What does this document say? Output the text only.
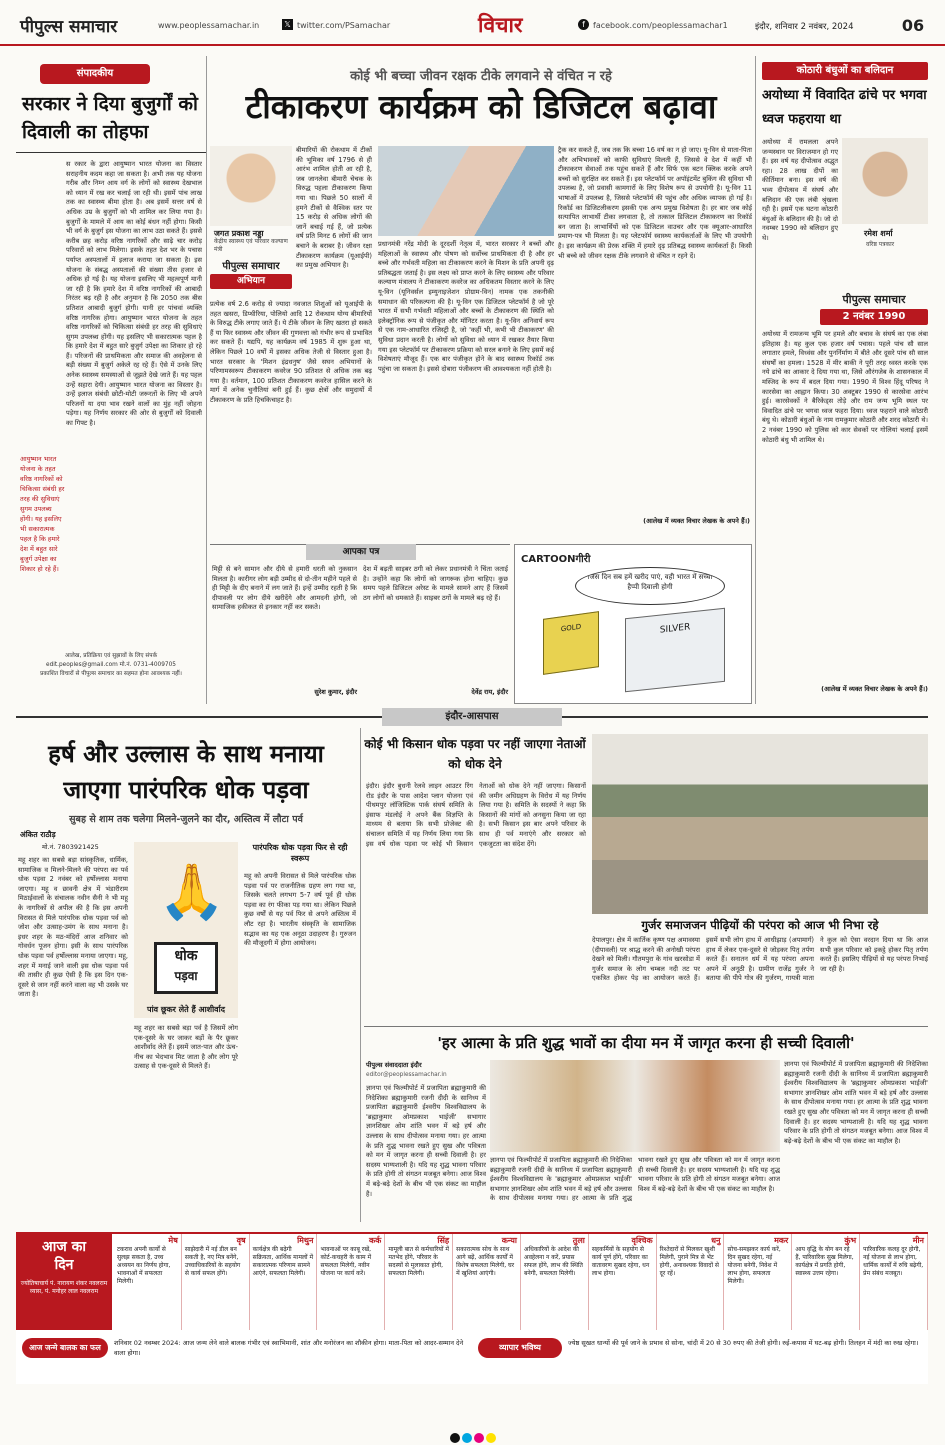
पीपुल्स समाचार	www.peoplessamachar.in	𝕏 twitter.com/PSamachar	विचार	f	facebook.com/peoplessamachar1	इंदौर, शनिवार 2 नवंबर, 2024	06
संपादकीय
सरकार ने दिया बुजुर्गों को दिवाली का तोहफा
स रकार के द्वारा आयुष्मान भारत योजना का विस्तार सराहनीय कदम कहा जा सकता है। अभी तक यह योजना गरीब और निम्न आय वर्ग के लोगों को स्वास्थ्य देखभाल को ध्यान में रख कर चलाई जा रही थी। इसमें पांच लाख तक का स्वास्थ्य बीमा होता है। अब इसमें सत्तर वर्ष से अधिक उम्र के बुजुर्गों को भी शामिल कर लिया गया है। बुजुर्गों के मामले में आय का कोई बंधन नहीं होगा। किसी भी वर्ग के बुजुर्ग इस योजना का लाभ उठा सकते हैं। इससे करीब छह करोड़ वरिष्ठ नागरिकों और साढ़े चार करोड़ परिवारों को लाभ मिलेगा। इसके तहत देश भर के पचास पर्याप्त अस्पतालों में इलाज कराया जा सकता है। इस योजना के संबद्ध अस्पतालों की संख्या तीस हजार से अधिक हो गई है। यह योजना इसलिए भी महत्वपूर्ण मानी जा रही है कि हमारे देश में वरिष्ठ नागरिकों की आबादी निरंतर बढ़ रही है और अनुमान है कि 2050 तक बीस प्रतिशत आबादी बुजुर्ग होगी। यानी हर पांचवां व्यक्ति वरिष्ठ नागरिक होगा। आयुष्मान भारत योजना के तहत वरिष्ठ नागरिकों को चिकित्सा संबंधी हर तरह की सुविधाएं सुगम उपलब्ध होंगी। यह इसलिए भी सकारात्मक पहल है कि हमारे देश में बहुत सारे बुजुर्ग उपेक्षा का शिकार हो रहे हैं। परिजनों की प्राथमिकता और समाज की अवहेलना से बड़ी संख्या में बुजुर्ग अकेले रह रहे हैं। ऐसे में उनके लिए अनेक स्वास्थ्य समस्याओं से जूझते देखे जाते हैं। यह पहल उन्हें सहारा देगी। आयुष्मान भारत योजना का विस्तार है। उन्हें इलाज संबंधी छोटी-मोटी जरूरतों के लिए भी अपने परिजनों या दया भाव रखने वालों का मुंह नहीं जोहना पड़ेगा। यह निर्णय सरकार की ओर से बुजुर्गों को दिवाली का गिफ्ट है।
आयुष्मान भारत योजना के तहत वरिष्ठ नागरिकों को चिकित्सा संबंधी हर तरह की सुविधाएं सुगम उपलब्ध होंगी। यह इसलिए भी सकारात्मक पहल है कि हमारे देश में बहुत सारे बुजुर्ग उपेक्षा का शिकार हो रहे हैं।
आलेख, प्रतिक्रिया एवं सुझावों के लिए संपर्क
edit.peoples@gmail.com मो.नं. 0731-4009705
प्रकाशित विचारों से पीपुल्स समाचार का सहमत होना आवश्यक नहीं।
कोई भी बच्चा जीवन रक्षक टीके लगवाने से वंचित न रहे
टीकाकरण कार्यक्रम को डिजिटल बढ़ावा
जगत प्रकाश नड्डा
केंद्रीय स्वास्थ्य एवं परिवार कल्याण मंत्री
पीपुल्स समाचार
अभियान
बीमारियों की रोकथाम में टीकों की भूमिका वर्ष 1796 से ही आरंभ शामिल होती आ रही है, जब जानलेवा बीमारी चेचक के विरुद्ध पहला टीकाकरण किया गया था। पिछले 50 सालों में हमने टीकों से वैश्विक स्तर पर 15 करोड़ से अधिक लोगों की जानें बचाई गई हैं, जो प्रत्येक वर्ष प्रति मिनट 6 लोगों की जान बचाने के बराबर है। जीवन रक्षा टीकाकरण कार्यक्रम (यूआईपी) का प्रमुख अभियान है।
प्रत्येक वर्ष 2.6 करोड़ से ज्यादा नवजात शिशुओं को यूआईपी के तहत खसरा, डिप्थीरिया, पोलियो आदि 12 रोकथाम योग्य बीमारियों के विरुद्ध टीके लगाए जाते हैं। ये टीके जीवन के लिए खतरा हो सकते हैं या फिर स्वास्थ्य और जीवन की गुणवत्ता को गंभीर रूप से प्रभावित कर सकते हैं। यद्यपि, यह कार्यक्रम वर्ष 1985 में शुरू हुआ था, लेकिन पिछले 10 वर्षों में इसका अधिक तेजी से विस्तार हुआ है। भारत सरकार के 'मिशन इंद्रधनुष' जैसे सघन अभियानों के परिणामस्वरूप टीकाकरण कवरेज 90 प्रतिशत से अधिक तक बढ़ गया है। वर्तमान, 100 प्रतिशत टीकाकरण कवरेज हासिल करने के मार्ग में अनेक चुनौतियां बनी हुई हैं। कुछ क्षेत्रों और समुदायों में टीकाकरण के प्रति हिचकिचाहट है।
प्रधानमंत्री नरेंद्र मोदी के दूरदर्शी नेतृत्व में, भारत सरकार ने बच्चों और महिलाओं के स्वास्थ्य और पोषण को सर्वोच्च प्राथमिकता दी है और हर बच्चे और गर्भवती महिला का टीकाकरण करने के मिशन के प्रति अपनी दृढ़ प्रतिबद्धता जताई है। इस लक्ष्य को प्राप्त करने के लिए स्वास्थ्य और परिवार कल्याण मंत्रालय ने टीकाकरण कवरेज का अधिकतम विस्तार करने के लिए यू-विन (यूनिवर्सल इम्युनाइजेशन प्रोग्राम-विन) नामक एक तकनीकी समाधान की परिकल्पना की है। यू-विन एक डिजिटल प्लेटफॉर्म है जो पूरे भारत में सभी गर्भवती महिलाओं और बच्चों के टीकाकरण की स्थिति को इलेक्ट्रॉनिक रूप से पंजीकृत और मॉनिटर करता है। यू-विन अनिवार्य रूप से एक नाम-आधारित रजिस्ट्री है, जो 'कहीं भी, कभी भी टीकाकरण' की सुविधा प्रदान करती है। लोगों को सुविधा को ध्यान में रखकर तैयार किया गया इस प्लेटफॉर्म पर टीकाकरण प्रक्रिया को सरल बनाने के लिए इसमें कई विशेषताएं मौजूद हैं। एक बार पंजीकृत होने के बाद स्वास्थ्य रिकॉर्ड तक पहुंचा जा सकता है। इससे दोबारा पंजीकरण की आवश्यकता नहीं होती है।
ट्रैक कर सकते हैं, जब तक कि बच्चा 16 वर्ष का न हो जाए। यू-विन से माता-पिता और अभिभावकों को काफी सुविधाएं मिलती हैं, जिससे वे देश में कहीं भी टीकाकरण सेवाओं तक पहुंच सकते हैं और सिर्फ एक बटन क्लिक करके अपने बच्चों को सुरक्षित कर सकते हैं। इस प्लेटफॉर्म पर अपॉइंटमेंट बुकिंग की सुविधा भी उपलब्ध है, जो प्रवासी कामगारों के लिए विशेष रूप से उपयोगी है। यू-विन 11 भाषाओं में उपलब्ध है, जिससे प्लेटफॉर्म की पहुंच और अधिक व्यापक हो गई है। रिकॉर्ड का डिजिटलीकरण इसकी एक अन्य प्रमुख विशेषता है। हर बार जब कोई सत्यापित लाभार्थी टीका लगवाता है, तो तत्काल डिजिटल टीकाकरण का रिकॉर्ड बन जाता है। लाभार्थियों को एक डिजिटल वाउचर और एक क्यूआर-आधारित प्रमाण-पत्र भी मिलता है। यह प्लेटफॉर्म स्वास्थ्य कार्यकर्ताओं के लिए भी उपयोगी है। इस कार्यक्रम की प्रेरक शक्ति में हमारे दृढ़ प्रतिबद्ध स्वास्थ्य कार्यकर्ता हैं। किसी भी बच्चे को जीवन रक्षक टीके लगवाने से वंचित न रहने दें।
(आलेख में व्यक्त विचार लेखक के अपने हैं।)
कोठारी बंधुओं का बलिदान
अयोध्या में विवादित ढांचे पर भगवा ध्वज फहराया था
अयोध्या में रामलला अपने जन्मस्थान पर विराजमान हो गए हैं। इस वर्ष यह दीपोत्सव अद्भुत रहा। 28 लाख दीपों का कीर्तिमान बना। इस वर्ष की भव्य दीपोत्सव में संघर्ष और बलिदान की एक लंबी श्रृंखला रही है। इसमें एक घटना कोठारी बंधुओं के बलिदान की है। जो दो नवम्बर 1990 को बलिदान हुए थे।	रमेश शर्मा
वरिष्ठ पत्रकार
पीपुल्स समाचार
2 नवंबर 1990
अयोध्या में रामजन्म भूमि पर हमले और बचाव के संघर्ष का एक लंबा इतिहास है। यह कुल एक हजार वर्ष पचास। पहले पांच सौ साल लगातार हमले, विध्वंस और पुनर्निर्माण में बीते और दूसरे पांच सौ साल संघर्षों का हमला। 1528 में मीर बाकी ने पूरी तरह ध्वस्त करके एक नये ढांचे का आकार दे दिया गया था, जिसे औरंगजेब के शासनकाल में मस्जिद के रूप में बदल दिया गया। 1990 में विश्व हिंदू परिषद ने कारसेवा का आह्वान किया। 30 अक्टूबर 1990 से कारसेवा आरंभ हुई। कारसेवकों ने बैरिकेड्स तोड़े और राम जन्म भूमि स्थल पर विवादित ढांचे पर भगवा ध्वज फहरा दिया। ध्वज फहराने वाले कोठारी बंधु थे। कोठारी बंधुओं के नाम रामकुमार कोठारी और शरद कोठारी थे। 2 नवंबर 1990 को पुलिस को कार सेवकों पर गोलियां चलाई इसमें कोठारी बंधु भी शामिल थे।
(आलेख में व्यक्त विचार लेखक के अपने हैं।)
आपका पत्र
मिट्टी से बने सामान और दीये से हमारी धरती को नुकसान मिलता है। कारीगर लोग बड़ी उम्मीद से दो-तीन महीने पहले से ही मिट्टी के दीए बनाने में लग जाते हैं। इन्हें उम्मीद रहती है कि दीपावली पर लोग दीये खरीदेंगे और आमदनी होगी, जो सामाजिक हकीकत से इनकार नहीं कर सकते।
सुरेश कुमार, इंदौर
देश में बढ़ती साइबर ठगी को लेकर प्रधानमंत्री ने चिंता जताई है। उन्होंने कहा कि लोगों को जागरूक होना चाहिए। कुछ समय पहले डिजिटल अरेस्ट के मामले सामने आए हैं जिसमें ठग लोगों को धमकाते हैं। साइबर ठगों के मामले बढ़ रहे हैं।
देवेंद्र राय, इंदौर
CARTOONगीरी
जिस दिन सब हमें खरीद पाएं, वही भारत में सच्ची हैप्पी दिवाली होगी
GOLD	SILVER
इंदौर-आसपास
हर्ष और उल्लास के साथ मनाया जाएगा पारंपरिक धोक पड़वा
सुबह से शाम तक चलेगा मिलने-जुलने का दौर, अस्तित्व में लौटा पर्व
अंकित राठौड़
मो.नं. 7803921425
महू शहर का सबसे बड़ा सांस्कृतिक, धार्मिक, सामाजिक व मिलने-मिलने की परंपरा का पर्व धोक पड़वा 2 नवंबर को हर्षोल्लास मनाया जाएगा। महू व छावनी क्षेत्र में भंडारीराम मिठाईवालों के संचालक नवीन सैनी ने भी महू के नागरिकों से अपील की है कि इस अपनी विरासत से मिले पारंपरिक धोक पड़वा पर्व को जोश और उत्साह-उमंग के साथ मनाना है। इधर शहर के मठ-मंदिरों आज शनिवार को गोवर्धन पूजन होगा। इसी के साथ पारंपरिक धोक पड़वा पर्व हर्षोल्लास मनाया जाएगा। महू, शहर में मनाई जाने वाली इस धोक पड़वा पर्व की तासीर ही कुछ ऐसी है कि इस दिन एक-दूसरे से जान नहीं करने वाला वह भी उसके घर जाता है।
🙏
धोक
पड़वा
पांव छूकर लेते हैं आशीर्वाद
पारंपरिक धोक पड़वा फिर से रही स्वरूप
महू को अपनी विरासत से मिले पारंपरिक धोक पड़वा पर्व पर राजनीतिक ग्रहण लग गया था, जिसके चलते लगभग 5-7 वर्ष पूर्व ही धोक पड़वा का रंग फीका पड़ गया था। लेकिन पिछले कुछ वर्षों से यह पर्व फिर से अपने अस्तित्व में लौट रहा है। भारतीय संस्कृति के सामाजिक सद्भाव का यह एक अनूठा उदाहरण है। गुरुजन की मौजूदगी में होगा आयोजन।
महू शहर का सबसे बड़ा पर्व है जिसमें लोग एक-दूसरे के घर जाकर बड़ों के पैर छूकर आशीर्वाद लेते हैं। इसमें जात-पात और ऊंच-नीच का भेदभाव मिट जाता है और लोग पूरे उत्साह से एक-दूसरे से मिलते हैं।
कोई भी किसान धोक पड़वा पर नहीं जाएगा नेताओं को धोक देने
इंदौर। इंदौर बुधनी रेलवे लाइन आउटर रिंग रोड इंदौर के पास आदेश प्लान योजना एवं पीथमपुर लॉजिस्टिक पार्क संघर्ष समिति के इंसाफ मंडलोई ने अपने बैंक विज्ञप्ति के माध्यम से बताया कि सभी प्रोजेक्ट की संचालन समिति में यह निर्णय लिया गया कि इस वर्ष धोक पड़वा पर कोई भी किसान नेताओं को धोक देने नहीं जाएगा। किसानों की जमीन अधिग्रहण के विरोध में यह निर्णय लिया गया है। समिति के सदस्यों ने कहा कि किसानों की मांगों को अनसुना किया जा रहा है। सभी किसान इस बार अपने परिवार के साथ ही पर्व मनाएंगे और सरकार को एकजुटता का संदेश देंगे।
गुर्जर समाजजन पीढ़ियों की परंपरा को आज भी निभा रहे
देपालपुर। क्षेत्र में कार्तिक कृष्ण पक्ष अमावस्या (दीपावली) पर श्राद्ध करने की अनोखी परंपरा देखने को मिली। गौतमपुरा के गांव खरसोडा में गुर्जर समाज के लोग चम्बल नदी तट पर एकत्रित होकर पेड़ का आयोजन करते हैं। इसमें सभी लोग हाथ में आधीझाड़ (अपामार्ग) हाथ में लेकर एक-दूसरे से जोड़कर पितृ तर्पण करते हैं। सनातन धर्म में यह परंपरा अपना अपने में अनूठी है। ग्रामीण राजेंद्र गुर्जर ने बताया की पीपे गोत्र की गुर्जरण, गायत्री माता ने कुल को ऐसा वरदान दिया था कि आज सभी कुल परिवार को इकट्ठे होकर पितृ तर्पण करते हैं। इसलिए पीढ़ियों से यह परंपरा निभाई जा रही है।
'हर आत्मा के प्रति शुद्ध भावों का दीया मन में जागृत करना ही सच्ची दिवाली'
पीपुल्स संवाददाता इंदौर
editor@peoplessamachar.in
ज्ञानपा एवं फिल्मीपोर्ट में प्रजापिता ब्रह्माकुमारी की निदेशिका ब्रह्माकुमारी रजनी दीदी के सानिध्य में प्रजापिता ब्रह्माकुमारी ईश्वरीय विश्वविद्यालय के 'ब्रह्माकुमार ओमप्रकाश भाईजी' सभागार ज्ञानशिखर ओम शांति भवन में बड़े हर्ष और उल्लास के साथ दीपोत्सव मनाया गया। हर आत्मा के प्रति शुद्ध भावना रखते हुए सुख और पवित्रता को मन में जागृत करना ही सच्ची दिवाली है। हर सदस्य भाग्यशाली है। यदि यह शुद्ध भावना परिवार के प्रति होगी तो संगठन मजबूत बनेगा। आज विश्व में बढ़े-बढ़े देशों के बीच भी एक संकट का माहौल है।
ज्ञानपा एवं फिल्मीपोर्ट में प्रजापिता ब्रह्माकुमारी की निदेशिका ब्रह्माकुमारी रजनी दीदी के सानिध्य में प्रजापिता ब्रह्माकुमारी ईश्वरीय विश्वविद्यालय के 'ब्रह्माकुमार ओमप्रकाश भाईजी' सभागार ज्ञानशिखर ओम शांति भवन में बड़े हर्ष और उल्लास के साथ दीपोत्सव मनाया गया। हर आत्मा के प्रति शुद्ध भावना रखते हुए सुख और पवित्रता को मन में जागृत करना ही सच्ची दिवाली है। हर सदस्य भाग्यशाली है। यदि यह शुद्ध भावना परिवार के प्रति होगी तो संगठन मजबूत बनेगा। आज विश्व में बढ़े-बढ़े देशों के बीच भी एक संकट का माहौल है।
ज्ञानपा एवं फिल्मीपोर्ट में प्रजापिता ब्रह्माकुमारी की निदेशिका ब्रह्माकुमारी रजनी दीदी के सानिध्य में प्रजापिता ब्रह्माकुमारी ईश्वरीय विश्वविद्यालय के 'ब्रह्माकुमार ओमप्रकाश भाईजी' सभागार ज्ञानशिखर ओम शांति भवन में बड़े हर्ष और उल्लास के साथ दीपोत्सव मनाया गया। हर आत्मा के प्रति शुद्ध भावना रखते हुए सुख और पवित्रता को मन में जागृत करना ही सच्ची दिवाली है। हर सदस्य भाग्यशाली है। यदि यह शुद्ध भावना परिवार के प्रति होगी तो संगठन मजबूत बनेगा। आज विश्व में बढ़े-बढ़े देशों के बीच भी एक संकट का माहौल है।
आज का
दिन
ज्योतिषाचार्य पं. नारायण शंकर नवलराम व्यास, पं. मनोहर लाल नवलराम
मेष
टकराव अपनी कार्यों से सुलझ सकता है, उच्च अध्ययन का निर्णय होगा, भावनाओं में सफलता मिलेगी।
वृष
साझेदारी में नई डील बन सकती है, नए मित्र बनेंगे, उच्चाधिकारियों के सहयोग से कार्य सफल होंगे।
मिथुन
कार्यक्षेत्र की बढ़ेगी सक्रियता, आर्थिक मामलों में सकारात्मक परिणाम सामने आएंगे, सफलता मिलेगी।
कर्क
भावनाओं पर काबू रखें, कोर्ट-कचहरी के काम में सफलता मिलेगी, नवीन योजना पर कार्य करें।
सिंह
मामूली बात से कर्मचारियों में मतभेद होंगे, परिवार के सदस्यों से मुलाकात होगी, सफलता मिलेगी।
कन्या
सकारात्मक सोच के साथ आगे बढ़ें, आर्थिक कार्यों में विशेष सफलता मिलेगी, घर में खुशियां आएंगी।
तुला
अधिकारियों के आदेश की अवहेलना न करें, प्रयास सफल होंगे, लाभ की स्थिति बनेगी, सफलता मिलेगी।
वृश्चिक
सहकर्मियों के सहयोग से कार्य पूर्ण होंगे, परिवार का वातावरण सुखद रहेगा, धन लाभ होगा।
धनु
रिश्तेदारों से मिलकर खुशी मिलेगी, पुराने मित्र से भेंट होगी, अनावश्यक विवादों से दूर रहें।
मकर
सोच-समझकर कार्य करें, दिन सुखद रहेगा, नई योजना बनेगी, निवेश में लाभ होगा, सफलता मिलेगी।
कुंभ
आय वृद्धि के योग बन रहे हैं, पारिवारिक सुख मिलेगा, कार्यक्षेत्र में प्रगति होगी, स्वास्थ्य उत्तम रहेगा।
मीन
पारिवारिक कलह दूर होगी, नई योजना से लाभ होगा, धार्मिक कार्यों में रुचि बढ़ेगी, प्रेम संबंध मजबूत।
आज जन्मे बालक का फल	शनिवार 02 नवम्बर 2024: आज जन्म लेने वाले बालक गंभीर एवं स्वाभिमानी, शांत और मनोरंजन का शौकीन होगा। माता-पिता को आदर-सम्मान देने वाला होगा।
व्यापार भविष्य	ज्येष्ठ सूखत धान्यों की पूर्व जाने के प्रभाव से सोना, चांदी में 20 से 30 रुपए की तेजी होगी। रुई-कपास में घट-बढ़ होगी। तिलहन में मंदी का रुख रहेगा।
